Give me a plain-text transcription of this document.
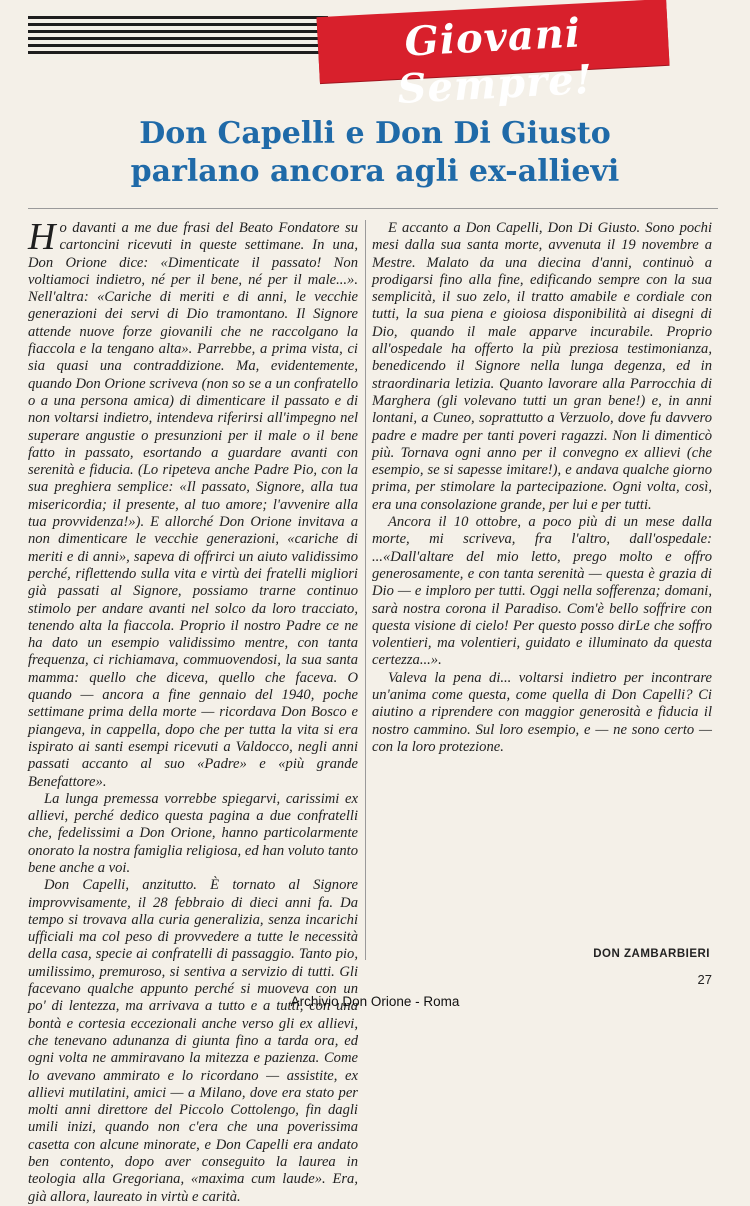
Giovani Sempre!
Don Capelli e Don Di Giusto
parlano ancora agli ex-allievi

Ho davanti a me due frasi del Beato Fondatore su cartoncini ricevuti in queste settimane. In una, Don Orione dice: «Dimenticate il passato! Non voltiamoci indietro, né per il bene, né per il male...». Nell'altra: «Cariche di meriti e di anni, le vecchie generazioni dei servi di Dio tramontano. Il Signore attende nuove forze giovanili che ne raccolgano la fiaccola e la tengano alta». Parrebbe, a prima vista, ci sia quasi una contraddizione. Ma, evidentemente, quando Don Orione scriveva (non so se a un confratello o a una persona amica) di dimenticare il passato e di non voltarsi indietro, intendeva riferirsi all'impegno nel superare angustie o presunzioni per il male o il bene fatto in passato, esortando a guardare avanti con serenità e fiducia. (Lo ripeteva anche Padre Pio, con la sua preghiera semplice: «Il passato, Signore, alla tua misericordia; il presente, al tuo amore; l'avvenire alla tua provvidenza!»). E allorché Don Orione invitava a non dimenticare le vecchie generazioni, «cariche di meriti e di anni», sapeva di offrirci un aiuto validissimo perché, riflettendo sulla vita e virtù dei fratelli migliori già passati al Signore, possiamo trarne continuo stimolo per andare avanti nel solco da loro tracciato, tenendo alta la fiaccola. Proprio il nostro Padre ce ne ha dato un esempio validissimo mentre, con tanta frequenza, ci richiamava, commuovendosi, la sua santa mamma: quello che diceva, quello che faceva. O quando — ancora a fine gennaio del 1940, poche settimane prima della morte — ricordava Don Bosco e piangeva, in cappella, dopo che per tutta la vita si era ispirato ai santi esempi ricevuti a Valdocco, negli anni passati accanto al suo «Padre» e «più grande Benefattore».

La lunga premessa vorrebbe spiegarvi, carissimi ex allievi, perché dedico questa pagina a due confratelli che, fedelissimi a Don Orione, hanno particolarmente onorato la nostra famiglia religiosa, ed han voluto tanto bene anche a voi.

Don Capelli, anzitutto. È tornato al Signore improvvisamente, il 28 febbraio di dieci anni fa. Da tempo si trovava alla curia generalizia, senza incarichi ufficiali ma col peso di provvedere a tutte le necessità della casa, specie ai confratelli di passaggio. Tanto pio, umilissimo, premuroso, si sentiva a servizio di tutti. Gli facevano qualche appunto perché si muoveva con un po' di lentezza, ma arrivava a tutto e a tutti, con una bontà e cortesia eccezionali anche verso gli ex allievi, che tenevano adunanza di giunta fino a tarda ora, ed ogni volta ne ammiravano la mitezza e pazienza. Come lo avevano ammirato e lo ricordano — assistite, ex allievi mutilatini, amici — a Milano, dove era stato per molti anni direttore del Piccolo Cottolengo, fin dagli umili inizi, quando non c'era che una poverissima casetta con alcune minorate, e Don Capelli era andato ben contento, dopo aver conseguito la laurea in teologia alla Gregoriana, «maxima cum laude». Era, già allora, laureato in virtù e carità.

E accanto a Don Capelli, Don Di Giusto. Sono pochi mesi dalla sua santa morte, avvenuta il 19 novembre a Mestre. Malato da una diecina d'anni, continuò a prodigarsi fino alla fine, edificando sempre con la sua semplicità, il suo zelo, il tratto amabile e cordiale con tutti, la sua piena e gioiosa disponibilità ai disegni di Dio, quando il male apparve incurabile. Proprio all'ospedale ha offerto la più preziosa testimonianza, benedicendo il Signore nella lunga degenza, ed in straordinaria letizia. Quanto lavorare alla Parrocchia di Marghera (gli volevano tutti un gran bene!) e, in anni lontani, a Cuneo, soprattutto a Verzuolo, dove fu davvero padre e madre per tanti poveri ragazzi. Non li dimenticò più. Tornava ogni anno per il convegno ex allievi (che esempio, se si sapesse imitare!), e andava qualche giorno prima, per stimolare la partecipazione. Ogni volta, così, era una consolazione grande, per lui e per tutti.

Ancora il 10 ottobre, a poco più di un mese dalla morte, mi scriveva, fra l'altro, dall'ospedale: ...«Dall'altare del mio letto, prego molto e offro generosamente, e con tanta serenità — questa è grazia di Dio — e imploro per tutti. Oggi nella sofferenza; domani, sarà nostra corona il Paradiso. Com'è bello soffrire con questa visione di cielo! Per questo posso dirLe che soffro volentieri, ma volentieri, guidato e illuminato da questa certezza...».

Valeva la pena di... voltarsi indietro per incontrare un'anima come questa, come quella di Don Capelli? Ci aiutino a riprendere con maggior generosità e fiducia il nostro cammino. Sul loro esempio, e — ne sono certo — con la loro protezione.

DON ZAMBARBIERI
27
Archivio Don Orione - Roma
